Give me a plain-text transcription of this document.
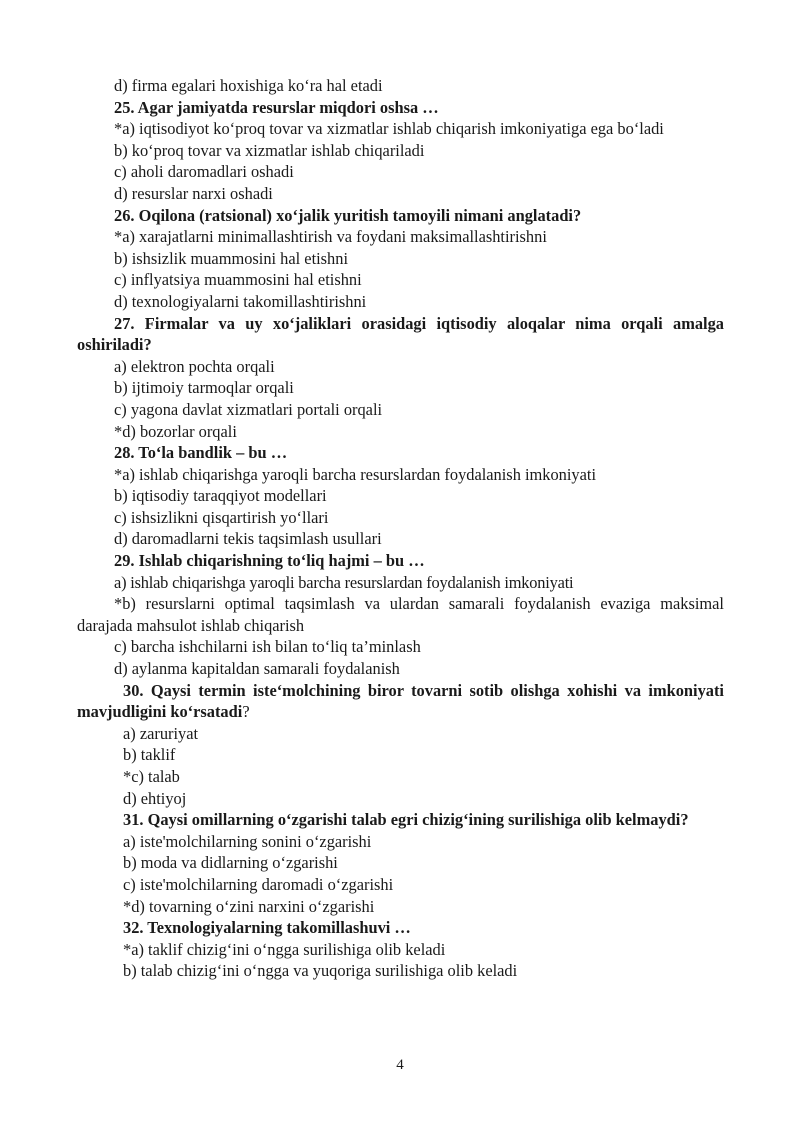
d) firma egalari hoxishiga ko‘ra hal etadi

25. Agar jamiyatda resurslar miqdori oshsa …

*a) iqtisodiyot ko‘proq tovar va xizmatlar ishlab chiqarish imkoniyatiga ega bo‘ladi

b) ko‘proq tovar va xizmatlar ishlab chiqariladi

c) aholi daromadlari oshadi

d) resurslar narxi oshadi

26. Oqilona (ratsional) xo‘jalik yuritish tamoyili nimani anglatadi?

*a) xarajatlarni minimallashtirish va foydani maksimallashtirishni

b) ishsizlik muammosini hal etishni

c) inflyatsiya muammosini hal etishni

d) texnologiyalarni takomillashtirishni

27. Firmalar va uy xo‘jaliklari orasidagi iqtisodiy aloqalar nima orqali amalga oshiriladi?

a) elektron pochta orqali

b) ijtimoiy tarmoqlar orqali

c) yagona davlat xizmatlari portali orqali

*d) bozorlar orqali

28. To‘la bandlik – bu …

*a) ishlab chiqarishga yaroqli barcha resurslardan foydalanish imkoniyati

b) iqtisodiy taraqqiyot modellari

c) ishsizlikni qisqartirish yo‘llari

d) daromadlarni tekis taqsimlash usullari

29. Ishlab chiqarishning to‘liq hajmi – bu …

a) ishlab chiqarishga yaroqli barcha resurslardan foydalanish imkoniyati

*b) resurslarni optimal taqsimlash va ulardan samarali foydalanish evaziga maksimal darajada mahsulot ishlab chiqarish

c) barcha ishchilarni ish bilan to‘liq ta’minlash

d) aylanma kapitaldan samarali foydalanish

30. Qaysi termin iste‘molchining biror tovarni sotib olishga xohishi va imkoniyati mavjudligini ko‘rsatadi?

a) zaruriyat

b) taklif

*c) talab

d) ehtiyoj

31. Qaysi omillarning o‘zgarishi talab egri chizig‘ining surilishiga olib kelmaydi?

a) iste'molchilarning sonini o‘zgarishi

b) moda va didlarning o‘zgarishi

c) iste'molchilarning daromadi o‘zgarishi

*d) tovarning o‘zini narxini o‘zgarishi

32. Texnologiyalarning takomillashuvi …

*a) taklif chizig‘ini o‘ngga surilishiga olib keladi

b) talab chizig‘ini o‘ngga va yuqoriga surilishiga olib keladi

4
